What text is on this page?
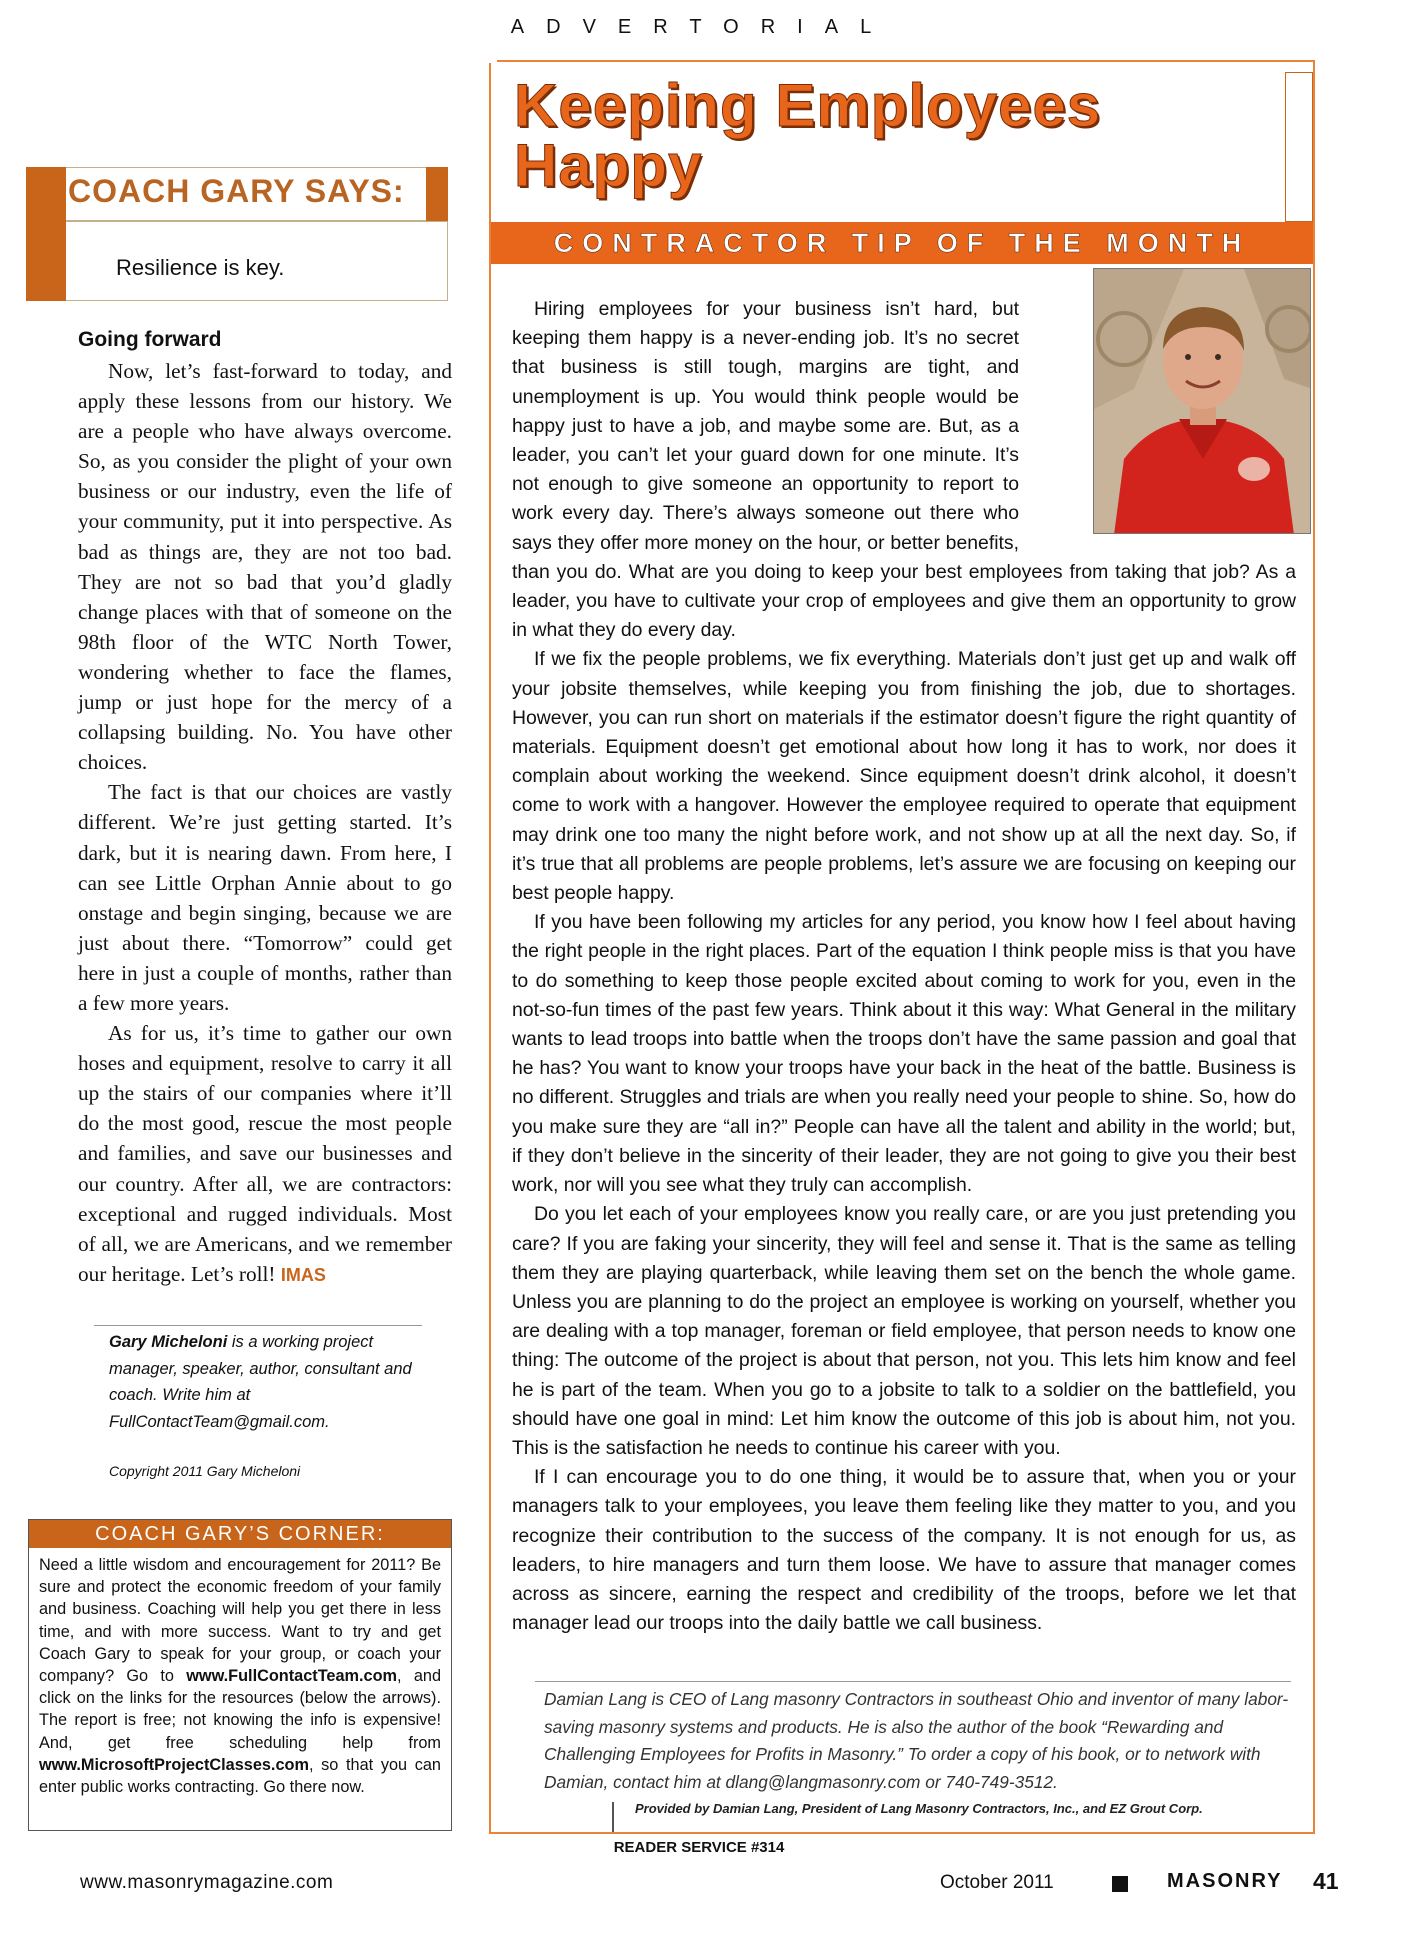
ADVERTORIAL
COACH GARY SAYS:
Resilience is key.
Going forward

Now, let’s fast-forward to today, and apply these lessons from our history. We are a people who have always overcome. So, as you consider the plight of your own business or our industry, even the life of your community, put it into perspective. As bad as things are, they are not too bad. They are not so bad that you’d gladly change places with that of someone on the 98th floor of the WTC North Tower, wondering whether to face the flames, jump or just hope for the mercy of a collapsing building. No. You have other choices.

The fact is that our choices are vastly different. We’re just getting started. It’s dark, but it is nearing dawn. From here, I can see Little Orphan Annie about to go onstage and begin singing, because we are just about there. “Tomorrow” could get here in just a couple of months, rather than a few more years.

As for us, it’s time to gather our own hoses and equipment, resolve to carry it all up the stairs of our companies where it’ll do the most good, rescue the most people and families, and save our businesses and our country. After all, we are contractors: exceptional and rugged individuals. Most of all, we are Americans, and we remember our heritage. Let’s roll! IMAS

Gary Micheloni is a working project manager, speaker, author, consultant and coach. Write him at FullContactTeam@gmail.com.
Copyright 2011 Gary Micheloni
COACH GARY’S CORNER:
Need a little wisdom and encouragement for 2011? Be sure and protect the economic freedom of your family and business. Coaching will help you get there in less time, and with more success. Want to try and get Coach Gary to speak for your group, or coach your company? Go to www.FullContactTeam.com, and click on the links for the resources (below the arrows). The report is free; not knowing the info is expensive! And, get free scheduling help from www.MicrosoftProjectClasses.com, so that you can enter public works contracting. Go there now.
www.masonrymagazine.com
Keeping Employees
Happy
CONTRACTOR TIP OF THE MONTH

Hiring employees for your business isn’t hard, but keeping them happy is a never-ending job. It’s no secret that business is still tough, margins are tight, and unemployment is up. You would think people would be happy just to have a job, and maybe some are. But, as a leader, you can’t let your guard down for one minute. It’s not enough to give someone an opportunity to report to work every day. There’s always someone out there who says they offer more money on the hour, or better benefits, than you do. What are you doing to keep your best employees from taking that job? As a leader, you have to cultivate your crop of employees and give them an opportunity to grow in what they do every day.

If we fix the people problems, we fix everything. Materials don’t just get up and walk off your jobsite themselves, while keeping you from finishing the job, due to shortages. However, you can run short on materials if the estimator doesn’t figure the right quantity of materials. Equipment doesn’t get emotional about how long it has to work, nor does it complain about working the weekend. Since equipment doesn’t drink alcohol, it doesn’t come to work with a hangover. However the employee required to operate that equipment may drink one too many the night before work, and not show up at all the next day. So, if it’s true that all problems are people problems, let’s assure we are focusing on keeping our best people happy.

If you have been following my articles for any period, you know how I feel about having the right people in the right places. Part of the equation I think people miss is that you have to do something to keep those people excited about coming to work for you, even in the not-so-fun times of the past few years. Think about it this way: What General in the military wants to lead troops into battle when the troops don’t have the same passion and goal that he has? You want to know your troops have your back in the heat of the battle. Business is no different. Struggles and trials are when you really need your people to shine. So, how do you make sure they are “all in?” People can have all the talent and ability in the world; but, if they don’t believe in the sincerity of their leader, they are not going to give you their best work, nor will you see what they truly can accomplish.

Do you let each of your employees know you really care, or are you just pretending you care? If you are faking your sincerity, they will feel and sense it. That is the same as telling them they are playing quarterback, while leaving them set on the bench the whole game. Unless you are planning to do the project an employee is working on yourself, whether you are dealing with a top manager, foreman or field employee, that person needs to know one thing: The outcome of the project is about that person, not you. This lets him know and feel he is part of the team. When you go to a jobsite to talk to a soldier on the battlefield, you should have one goal in mind: Let him know the outcome of this job is about him, not you. This is the satisfaction he needs to continue his career with you.

If I can encourage you to do one thing, it would be to assure that, when you or your managers talk to your employees, you leave them feeling like they matter to you, and you recognize their contribution to the success of the company. It is not enough for us, as leaders, to hire managers and turn them loose. We have to assure that manager comes across as sincere, earning the respect and credibility of the troops, before we let that manager lead our troops into the daily battle we call business.

Damian Lang is CEO of Lang masonry Contractors in southeast Ohio and inventor of many labor-saving masonry systems and products. He is also the author of the book “Rewarding and Challenging Employees for Profits in Masonry.” To order a copy of his book, or to network with Damian, contact him at dlang@langmasonry.com or 740-749-3512.
Provided by Damian Lang, President of Lang Masonry Contractors, Inc., and EZ Grout Corp.
READER SERVICE #314
October 2011	MASONRY 41
